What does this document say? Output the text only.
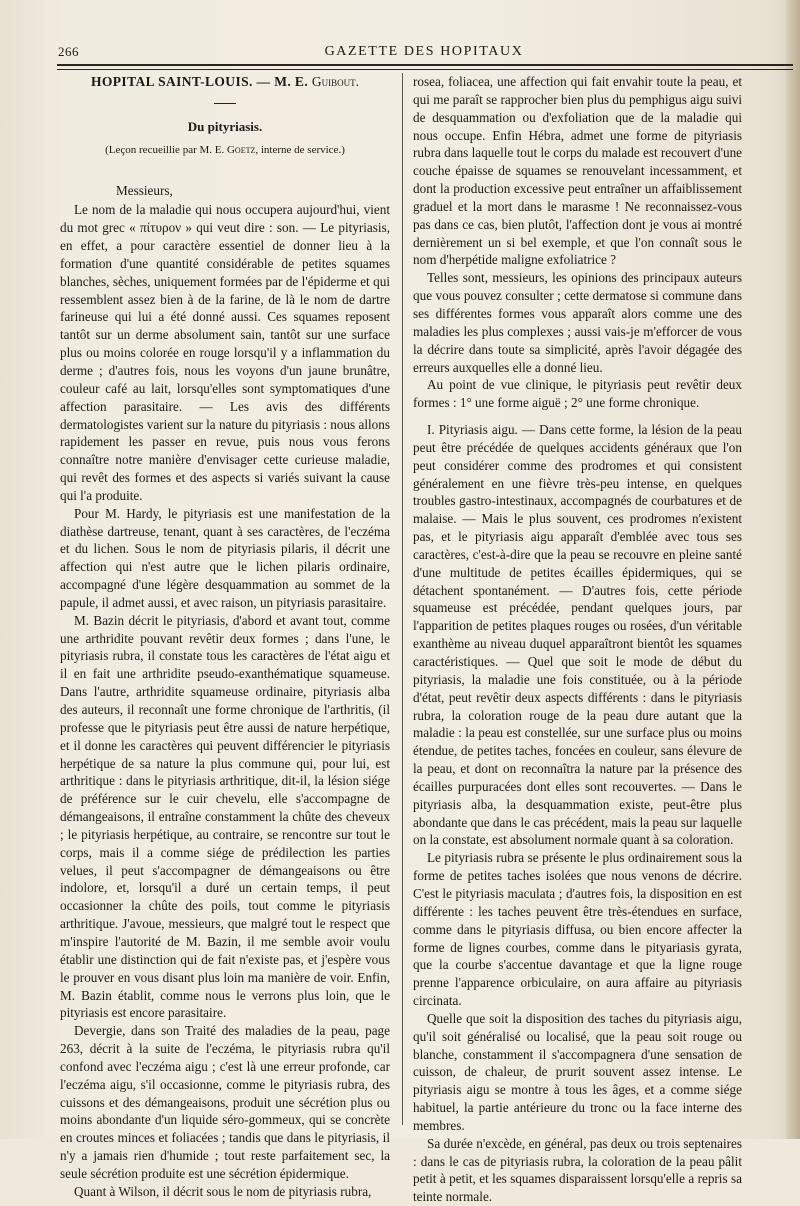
266	GAZETTE DES HOPITAUX
HOPITAL SAINT-LOUIS. — M. E. Guibout.
Du pityriasis.
(Leçon recueillie par M. E. Goetz, interne de service.)

Messieurs,

Le nom de la maladie qui nous occupera aujourd'hui, vient du mot grec « πίτυρον » qui veut dire : son. — Le pityriasis, en effet, a pour caractère essentiel de donner lieu à la formation d'une quantité considérable de petites squames blanches, sèches, uniquement formées par de l'épiderme et qui ressemblent assez bien à de la farine, de là le nom de dartre farineuse qui lui a été donné aussi. Ces squames reposent tantôt sur un derme absolument sain, tantôt sur une surface plus ou moins colorée en rouge lorsqu'il y a inflammation du derme ; d'autres fois, nous les voyons d'un jaune brunâtre, couleur café au lait, lorsqu'elles sont symptomatiques d'une affection parasitaire. — Les avis des différents dermatologistes varient sur la nature du pityriasis : nous allons rapidement les passer en revue, puis nous vous ferons connaître notre manière d'envisager cette curieuse maladie, qui revêt des formes et des aspects si variés suivant la cause qui l'a produite.

Pour M. Hardy, le pityriasis est une manifestation de la diathèse dartreuse, tenant, quant à ses caractères, de l'eczéma et du lichen. Sous le nom de pityriasis pilaris, il décrit une affection qui n'est autre que le lichen pilaris ordinaire, accompagné d'une légère desquammation au sommet de la papule, il admet aussi, et avec raison, un pityriasis parasitaire.

M. Bazin décrit le pityriasis, d'abord et avant tout, comme une arthridite pouvant revêtir deux formes ; dans l'une, le pityriasis rubra, il constate tous les caractères de l'état aigu et il en fait une arthridite pseudo-exanthématique squameuse. Dans l'autre, arthridite squameuse ordinaire, pityriasis alba des auteurs, il reconnaît une forme chronique de l'arthritis, (il professe que le pityriasis peut être aussi de nature herpétique, et il donne les caractères qui peuvent différencier le pityriasis herpétique de sa nature la plus commune qui, pour lui, est arthritique : dans le pityriasis arthritique, dit-il, la lésion siége de préférence sur le cuir chevelu, elle s'accompagne de démangeaisons, il entraîne constamment la chûte des cheveux ; le pityriasis herpétique, au contraire, se rencontre sur tout le corps, mais il a comme siége de prédilection les parties velues, il peut s'accompagner de démangeaisons ou être indolore, et, lorsqu'il a duré un certain temps, il peut occasionner la chûte des poils, tout comme le pityriasis arthritique. J'avoue, messieurs, que malgré tout le respect que m'inspire l'autorité de M. Bazin, il me semble avoir voulu établir une distinction qui de fait n'existe pas, et j'espère vous le prouver en vous disant plus loin ma manière de voir. Enfin, M. Bazin établit, comme nous le verrons plus loin, que le pityriasis est encore parasitaire.

Devergie, dans son Traité des maladies de la peau, page 263, décrit à la suite de l'eczéma, le pityriasis rubra qu'il confond avec l'eczéma aigu ; c'est là une erreur profonde, car l'eczéma aigu, s'il occasionne, comme le pityriasis rubra, des cuissons et des démangeaisons, produit une sécrétion plus ou moins abondante d'un liquide séro-gommeux, qui se concrète en croutes minces et foliacées ; tandis que dans le pityriasis, il n'y a jamais rien d'humide ; tout reste parfaitement sec, la seule sécrétion produite est une sécrétion épidermique.

Quant à Wilson, il décrit sous le nom de pityriasis rubra,

rosea, foliacea, une affection qui fait envahir toute la peau, et qui me paraît se rapprocher bien plus du pemphigus aigu suivi de desquammation ou d'exfoliation que de la maladie qui nous occupe. Enfin Hébra, admet une forme de pityriasis rubra dans laquelle tout le corps du malade est recouvert d'une couche épaisse de squames se renouvelant incessamment, et dont la production excessive peut entraîner un affaiblissement graduel et la mort dans le marasme ! Ne reconnaissez-vous pas dans ce cas, bien plutôt, l'affection dont je vous ai montré dernièrement un si bel exemple, et que l'on connaît sous le nom d'herpétide maligne exfoliatrice ?

Telles sont, messieurs, les opinions des principaux auteurs que vous pouvez consulter ; cette dermatose si commune dans ses différentes formes vous apparaît alors comme une des maladies les plus complexes ; aussi vais-je m'efforcer de vous la décrire dans toute sa simplicité, après l'avoir dégagée des erreurs auxquelles elle a donné lieu.

Au point de vue clinique, le pityriasis peut revêtir deux formes : 1° une forme aiguë ; 2° une forme chronique.

I. Pityriasis aigu. — Dans cette forme, la lésion de la peau peut être précédée de quelques accidents généraux que l'on peut considérer comme des prodromes et qui consistent généralement en une fièvre très-peu intense, en quelques troubles gastro-intestinaux, accompagnés de courbatures et de malaise. — Mais le plus souvent, ces prodromes n'existent pas, et le pityriasis aigu apparaît d'emblée avec tous ses caractères, c'est-à-dire que la peau se recouvre en pleine santé d'une multitude de petites écailles épidermiques, qui se détachent spontanément. — D'autres fois, cette période squameuse est précédée, pendant quelques jours, par l'apparition de petites plaques rouges ou rosées, d'un véritable exanthème au niveau duquel apparaîtront bientôt les squames caractéristiques. — Quel que soit le mode de début du pityriasis, la maladie une fois constituée, ou à la période d'état, peut revêtir deux aspects différents : dans le pityriasis rubra, la coloration rouge de la peau dure autant que la maladie : la peau est constellée, sur une surface plus ou moins étendue, de petites taches, foncées en couleur, sans élevure de la peau, et dont on reconnaîtra la nature par la présence des écailles purpuracées dont elles sont recouvertes. — Dans le pityriasis alba, la desquammation existe, peut-être plus abondante que dans le cas précédent, mais la peau sur laquelle on la constate, est absolument normale quant à sa coloration.

Le pityriasis rubra se présente le plus ordinairement sous la forme de petites taches isolées que nous venons de décrire. C'est le pityriasis maculata ; d'autres fois, la disposition en est différente : les taches peuvent être très-étendues en surface, comme dans le pityriasis diffusa, ou bien encore affecter la forme de lignes courbes, comme dans le pityariasis gyrata, que la courbe s'accentue davantage et que la ligne rouge prenne l'apparence orbiculaire, on aura affaire au pityriasis circinata.

Quelle que soit la disposition des taches du pityriasis aigu, qu'il soit généralisé ou localisé, que la peau soit rouge ou blanche, constamment il s'accompagnera d'une sensation de cuisson, de chaleur, de prurit souvent assez intense. Le pityriasis aigu se montre à tous les âges, et a comme siége habituel, la partie antérieure du tronc ou la face interne des membres.

Sa durée n'excède, en général, pas deux ou trois septenaires : dans le cas de pityriasis rubra, la coloration de la peau pâlit petit à petit, et les squames disparaissent lorsqu'elle a repris sa teinte normale.
